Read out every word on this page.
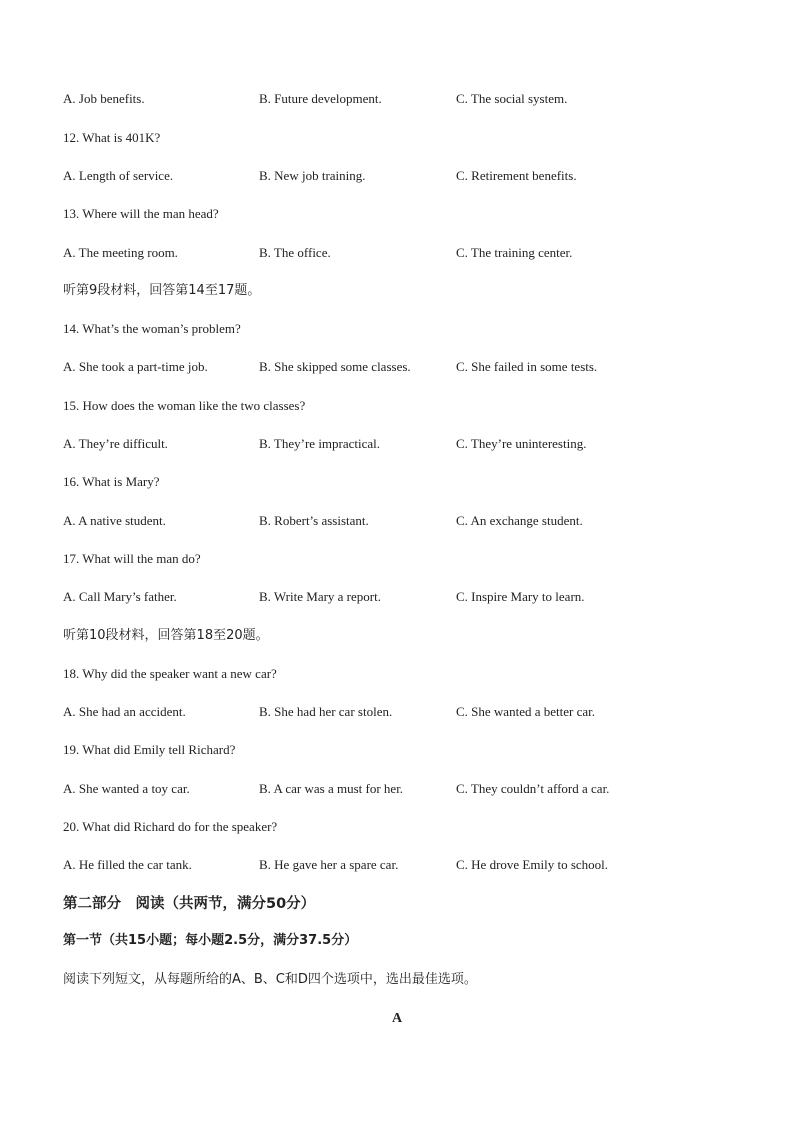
A. Job benefits.	B. Future development.	C. The social system.
12. What is 401K?
A. Length of service.	B. New job training.	C. Retirement benefits.
13. Where will the man head?
A. The meeting room.	B. The office.	C. The training center.
听第9段材料，回答第14至17题。
14. What’s the woman’s problem?
A. She took a part-time job.	B. She skipped some classes.	C. She failed in some tests.
15. How does the woman like the two classes?
A. They’re difficult.	B. They’re impractical.	C. They’re uninteresting.
16. What is Mary?
A. A native student.	B. Robert’s assistant.	C. An exchange student.
17. What will the man do?
A. Call Mary’s father.	B. Write Mary a report.	C. Inspire Mary to learn.
听第10段材料，回答第18至20题。
18. Why did the speaker want a new car?
A. She had an accident.	B. She had her car stolen.	C. She wanted a better car.
19. What did Emily tell Richard?
A. She wanted a toy car.	B. A car was a must for her.	C. They couldn’t afford a car.
20. What did Richard do for the speaker?
A. He filled the car tank.	B. He gave her a spare car.	C. He drove Emily to school.
第二部分　阅读（共两节，满分50分）
第一节（共15小题；每小题2.5分，满分37.5分）
阅读下列短文，从每题所给的A、B、C和D四个选项中，选出最佳选项。
A
